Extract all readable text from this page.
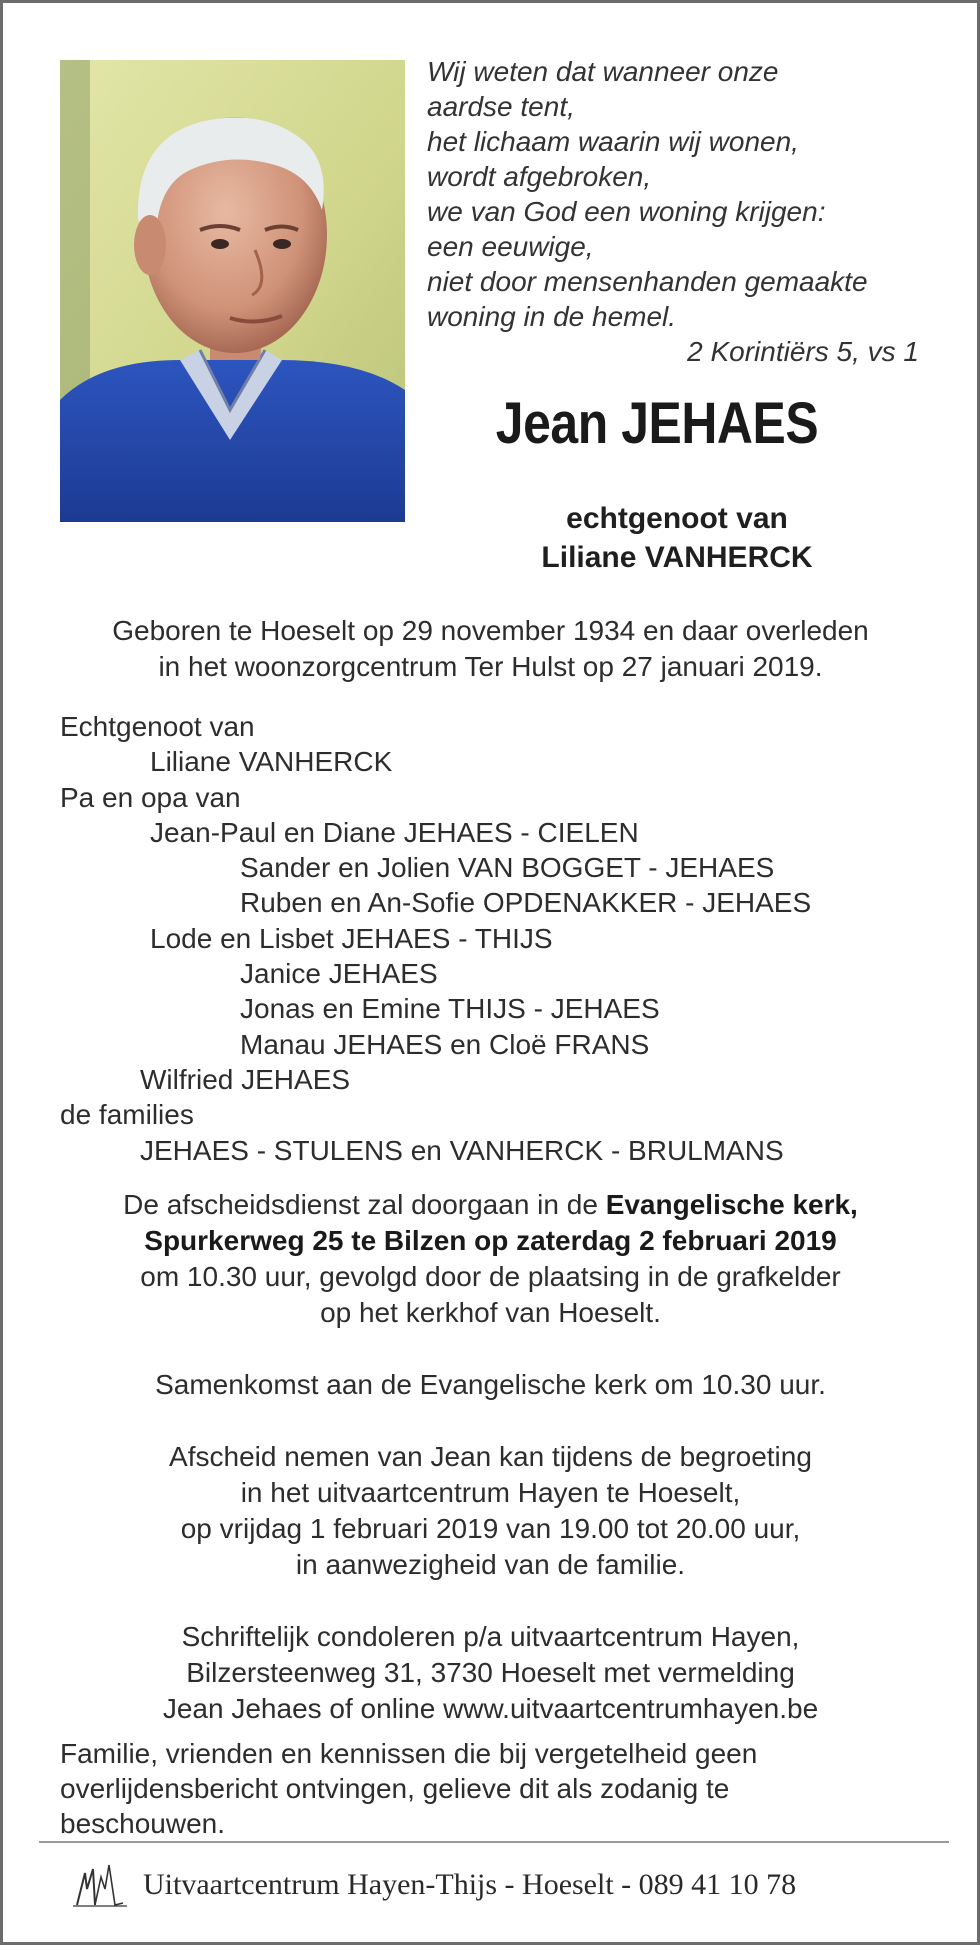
Wij weten dat wanneer onze
aardse tent,
het lichaam waarin wij wonen,
wordt afgebroken,
we van God een woning krijgen:
een eeuwige,
niet door mensenhanden gemaakte
woning in de hemel.
2 Korintiërs 5, vs 1
Jean JEHAES
echtgenoot van
Liliane VANHERCK
Geboren te Hoeselt op 29 november 1934 en daar overleden
in het woonzorgcentrum Ter Hulst op 27 januari 2019.
Echtgenoot van
Liliane VANHERCK
Pa en opa van
Jean-Paul en Diane JEHAES - CIELEN
Sander en Jolien VAN BOGGET - JEHAES
Ruben en An-Sofie OPDENAKKER - JEHAES
Lode en Lisbet JEHAES - THIJS
Janice JEHAES
Jonas en Emine THIJS - JEHAES
Manau JEHAES en Cloë FRANS
Wilfried JEHAES
de families
JEHAES - STULENS en VANHERCK - BRULMANS
De afscheidsdienst zal doorgaan in de Evangelische kerk,
Spurkerweg 25 te Bilzen op zaterdag 2 februari 2019
om 10.30 uur, gevolgd door de plaatsing in de grafkelder
op het kerkhof van Hoeselt.
Samenkomst aan de Evangelische kerk om 10.30 uur.
Afscheid nemen van Jean kan tijdens de begroeting
in het uitvaartcentrum Hayen te Hoeselt,
op vrijdag 1 februari 2019 van 19.00 tot 20.00 uur,
in aanwezigheid van de familie.
Schriftelijk condoleren p/a uitvaartcentrum Hayen,
Bilzersteenweg 31, 3730 Hoeselt met vermelding
Jean Jehaes of online www.uitvaartcentrumhayen.be
Familie, vrienden en kennissen die bij vergetelheid geen
overlijdensbericht ontvingen, gelieve dit als zodanig te
beschouwen.
Uitvaartcentrum Hayen-Thijs - Hoeselt - 089 41 10 78
